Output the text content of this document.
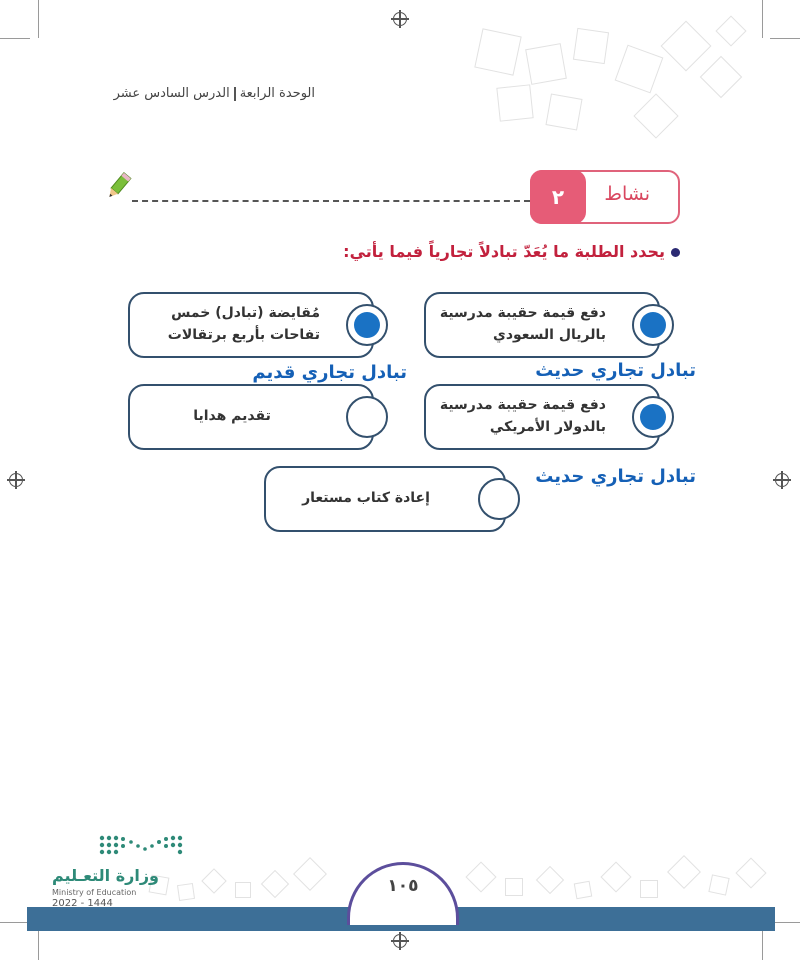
الوحدة الرابعةالدرس السادس عشر
نشاط
٢
يحدد الطلبة ما يُعَدّ تبادلاً تجارياً فيما يأتي:
دفع قيمة حقيبة مدرسية بالريال السعودي
مُقايضة (تبادل) خمس تفاحات بأربع برتقالات
تبادل تجاري حديث
تبادل تجاري قديم
دفع قيمة حقيبة مدرسية بالدولار الأمريكي
تقديم هدايا
تبادل تجاري حديث
إعادة كتاب مستعار
١٠٥
وزارة التعـليم
Ministry of Education
2022 - 1444
